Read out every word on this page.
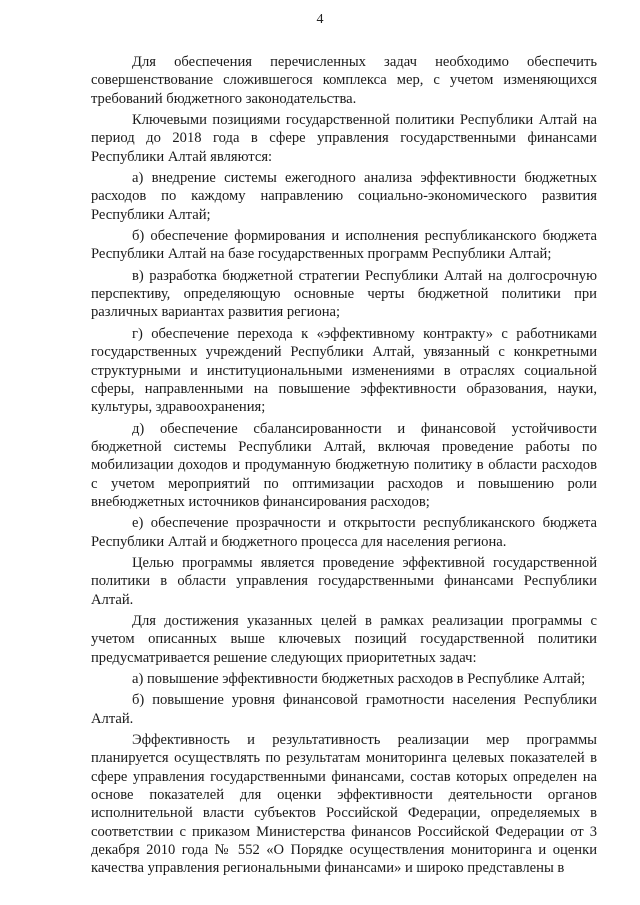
4

Для обеспечения перечисленных задач необходимо обеспечить совершенствование сложившегося комплекса мер, с учетом изменяющихся требований бюджетного законодательства.

Ключевыми позициями государственной политики Республики Алтай на период до 2018 года в сфере управления государственными финансами Республики Алтай являются:

а) внедрение системы ежегодного анализа эффективности бюджетных расходов по каждому направлению социально-экономического развития Республики Алтай;

б) обеспечение формирования и исполнения республиканского бюджета Республики Алтай на базе государственных программ Республики Алтай;

в) разработка бюджетной стратегии Республики Алтай на долгосрочную перспективу, определяющую основные черты бюджетной политики при различных вариантах развития региона;

г) обеспечение перехода к «эффективному контракту» с работниками государственных учреждений Республики Алтай, увязанный с конкретными структурными и институциональными изменениями в отраслях социальной сферы, направленными на повышение эффективности образования, науки, культуры, здравоохранения;

д) обеспечение сбалансированности и финансовой устойчивости бюджетной системы Республики Алтай, включая проведение работы по мобилизации доходов и продуманную бюджетную политику в области расходов с учетом мероприятий по оптимизации расходов и повышению роли внебюджетных источников финансирования расходов;

е) обеспечение прозрачности и открытости республиканского бюджета Республики Алтай и бюджетного процесса для населения региона.

Целью программы является проведение эффективной государственной политики в области управления государственными финансами Республики Алтай.

Для достижения указанных целей в рамках реализации программы с учетом описанных выше ключевых позиций государственной политики предусматривается решение следующих приоритетных задач:

а) повышение эффективности бюджетных расходов в Республике Алтай;

б) повышение уровня финансовой грамотности населения Республики Алтай.

Эффективность и результативность реализации мер программы планируется осуществлять по результатам мониторинга целевых показателей в сфере управления государственными финансами, состав которых определен на основе показателей для оценки эффективности деятельности органов исполнительной власти субъектов Российской Федерации, определяемых в соответствии с приказом Министерства финансов Российской Федерации от 3 декабря 2010 года № 552 «О Порядке осуществления мониторинга и оценки качества управления региональными финансами» и широко представлены в
